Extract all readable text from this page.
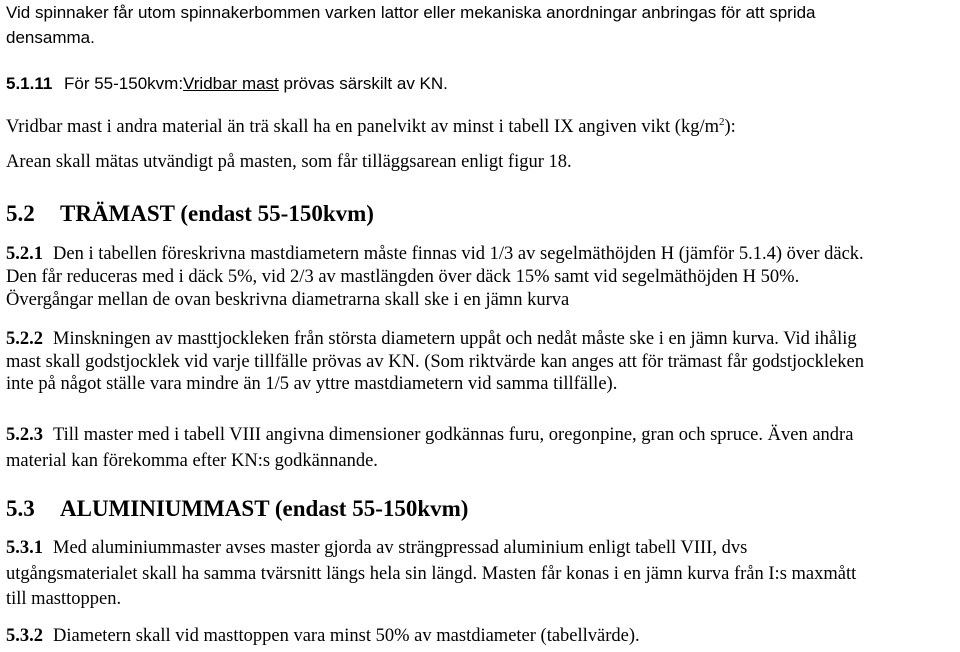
Vid spinnaker får utom spinnakerbommen varken lattor eller mekaniska anordningar anbringas för att sprida
densamma.
5.1.11 För 55-150kvm:Vridbar mast prövas särskilt av KN.
Vridbar mast i andra material än trä skall ha en panelvikt av minst i tabell IX angiven vikt $(kg/m^2)$:
Arean skall mätas utvändigt på masten, som får tilläggsarean enligt figur 18.
5.2 TRÄMAST (endast 55-150kvm)
5.2.1 Den i tabellen föreskrivna mastdiametern måste finnas vid 1/3 av segelmäthöjden H (jämför 5.1.4) över däck.
Den får reduceras med i däck 5%, vid 2/3 av mastlängden över däck 15% samt vid segelmäthöjden H 50%.
Övergångar mellan de ovan beskrivna diametrarna skall ske i en jämn kurva
5.2.2 Minskningen av masttjockleken från största diametern uppåt och nedåt måste ske i en jämn kurva. Vid ihålig
mast skall godstjocklek vid varje tillfälle prövas av KN. (Som riktvärde kan anges att för trämast får godstjockleken
inte på något ställe vara mindre än 1/5 av yttre mastdiametern vid samma tillfälle).
5.2.3 Till master med i tabell VIII angivna dimensioner godkännas furu, oregonpine, gran och spruce. Även andra
material kan förekomma efter KN:s godkännande.
5.3 ALUMINIUMMAST (endast 55-150kvm)
5.3.1 Med aluminiummaster avses master gjorda av strängpressad aluminium enligt tabell VIII, dvs
utgångsmaterialet skall ha samma tvärsnitt längs hela sin längd. Masten får konas i en jämn kurva från I:s maxmått
till masttoppen.
5.3.2 Diametern skall vid masttoppen vara minst 50% av mastdiameter (tabellvärde).
